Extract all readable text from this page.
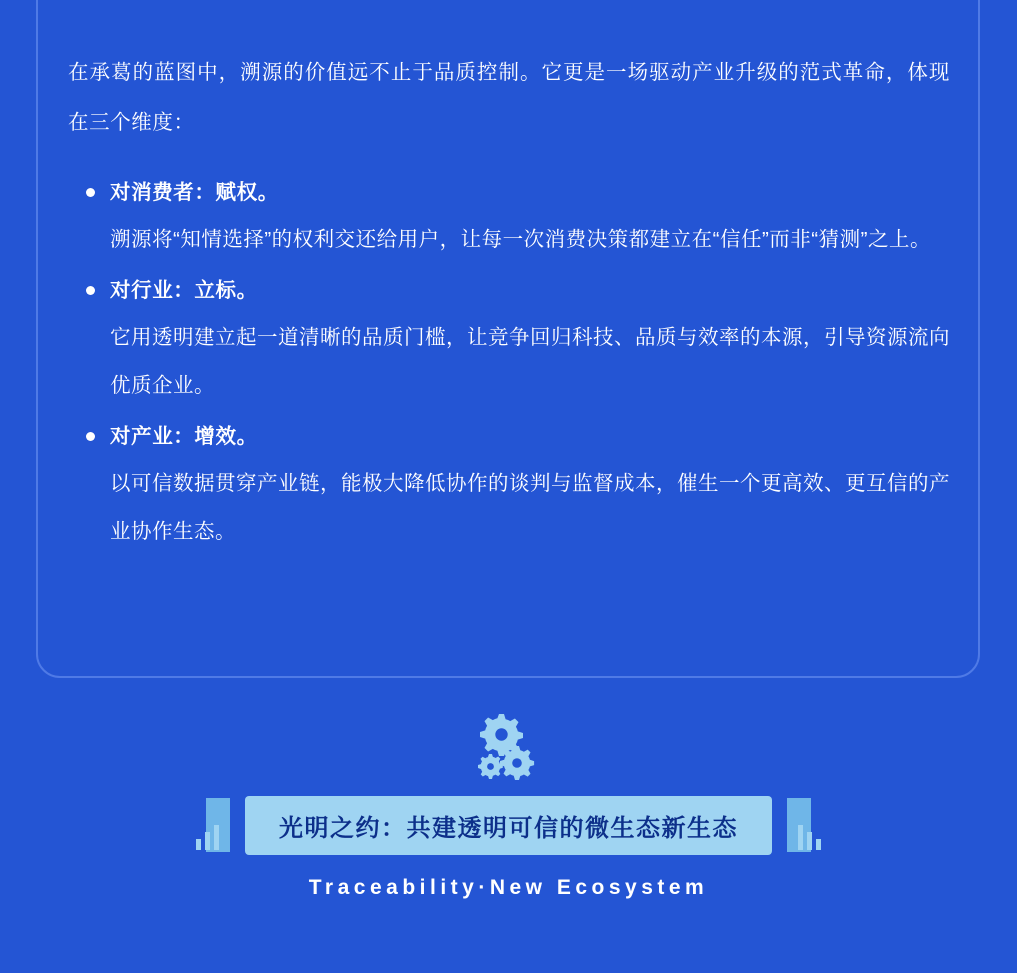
在承葛的蓝图中，溯源的价值远不止于品质控制。它更是一场驱动产业升级的范式革命，体现在三个维度：

对消费者：赋权。
溯源将“知情选择”的权利交还给用户，让每一次消费决策都建立在“信任”而非“猜测”之上。
对行业：立标。
它用透明建立起一道清晰的品质门槛，让竞争回归科技、品质与效率的本源，引导资源流向优质企业。
对产业：增效。
以可信数据贯穿产业链，能极大降低协作的谈判与监督成本，催生一个更高效、更互信的产业协作生态。
光明之约：共建透明可信的微生态新生态
Traceability·New Ecosystem
